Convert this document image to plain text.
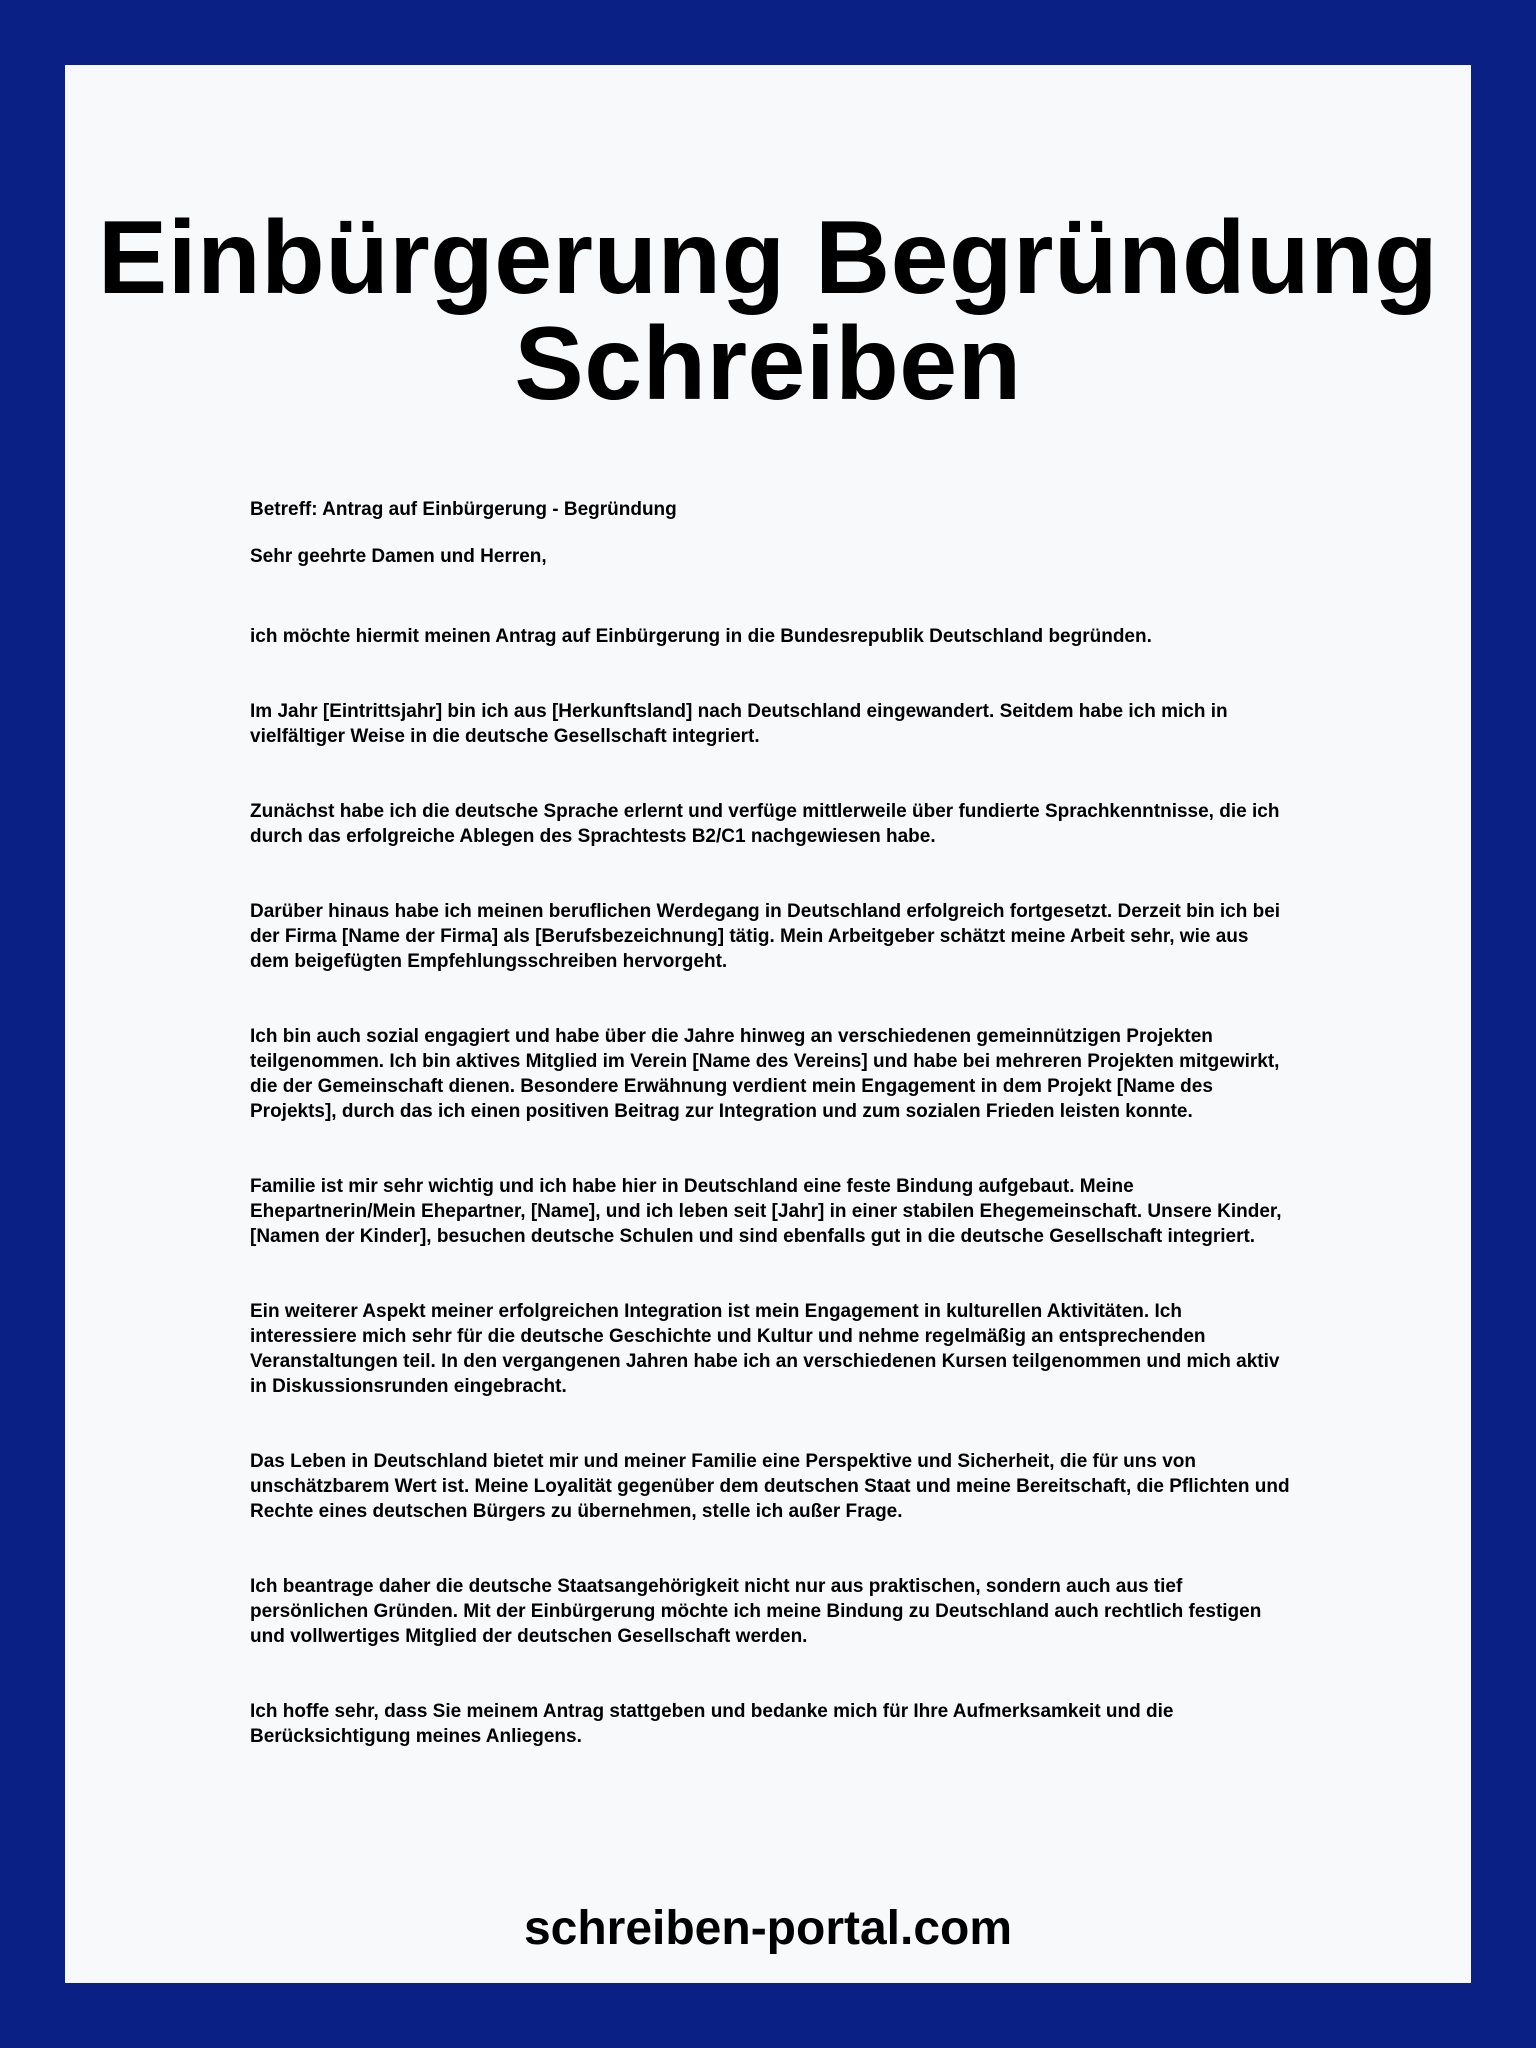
Einbürgerung Begründung Schreiben

Betreff: Antrag auf Einbürgerung - Begründung

Sehr geehrte Damen und Herren,

ich möchte hiermit meinen Antrag auf Einbürgerung in die Bundesrepublik Deutschland begründen.

Im Jahr [Eintrittsjahr] bin ich aus [Herkunftsland] nach Deutschland eingewandert. Seitdem habe ich mich in vielfältiger Weise in die deutsche Gesellschaft integriert.

Zunächst habe ich die deutsche Sprache erlernt und verfüge mittlerweile über fundierte Sprachkenntnisse, die ich durch das erfolgreiche Ablegen des Sprachtests B2/C1 nachgewiesen habe.

Darüber hinaus habe ich meinen beruflichen Werdegang in Deutschland erfolgreich fortgesetzt. Derzeit bin ich bei der Firma [Name der Firma] als [Berufsbezeichnung] tätig. Mein Arbeitgeber schätzt meine Arbeit sehr, wie aus dem beigefügten Empfehlungsschreiben hervorgeht.

Ich bin auch sozial engagiert und habe über die Jahre hinweg an verschiedenen gemeinnützigen Projekten teilgenommen. Ich bin aktives Mitglied im Verein [Name des Vereins] und habe bei mehreren Projekten mitgewirkt, die der Gemeinschaft dienen. Besondere Erwähnung verdient mein Engagement in dem Projekt [Name des Projekts], durch das ich einen positiven Beitrag zur Integration und zum sozialen Frieden leisten konnte.

Familie ist mir sehr wichtig und ich habe hier in Deutschland eine feste Bindung aufgebaut. Meine Ehepartnerin/Mein Ehepartner, [Name], und ich leben seit [Jahr] in einer stabilen Ehegemeinschaft. Unsere Kinder, [Namen der Kinder], besuchen deutsche Schulen und sind ebenfalls gut in die deutsche Gesellschaft integriert.

Ein weiterer Aspekt meiner erfolgreichen Integration ist mein Engagement in kulturellen Aktivitäten. Ich interessiere mich sehr für die deutsche Geschichte und Kultur und nehme regelmäßig an entsprechenden Veranstaltungen teil. In den vergangenen Jahren habe ich an verschiedenen Kursen teilgenommen und mich aktiv in Diskussionsrunden eingebracht.

Das Leben in Deutschland bietet mir und meiner Familie eine Perspektive und Sicherheit, die für uns von unschätzbarem Wert ist. Meine Loyalität gegenüber dem deutschen Staat und meine Bereitschaft, die Pflichten und Rechte eines deutschen Bürgers zu übernehmen, stelle ich außer Frage.

Ich beantrage daher die deutsche Staatsangehörigkeit nicht nur aus praktischen, sondern auch aus tief persönlichen Gründen. Mit der Einbürgerung möchte ich meine Bindung zu Deutschland auch rechtlich festigen und vollwertiges Mitglied der deutschen Gesellschaft werden.

Ich hoffe sehr, dass Sie meinem Antrag stattgeben und bedanke mich für Ihre Aufmerksamkeit und die Berücksichtigung meines Anliegens.

schreiben-portal.com
